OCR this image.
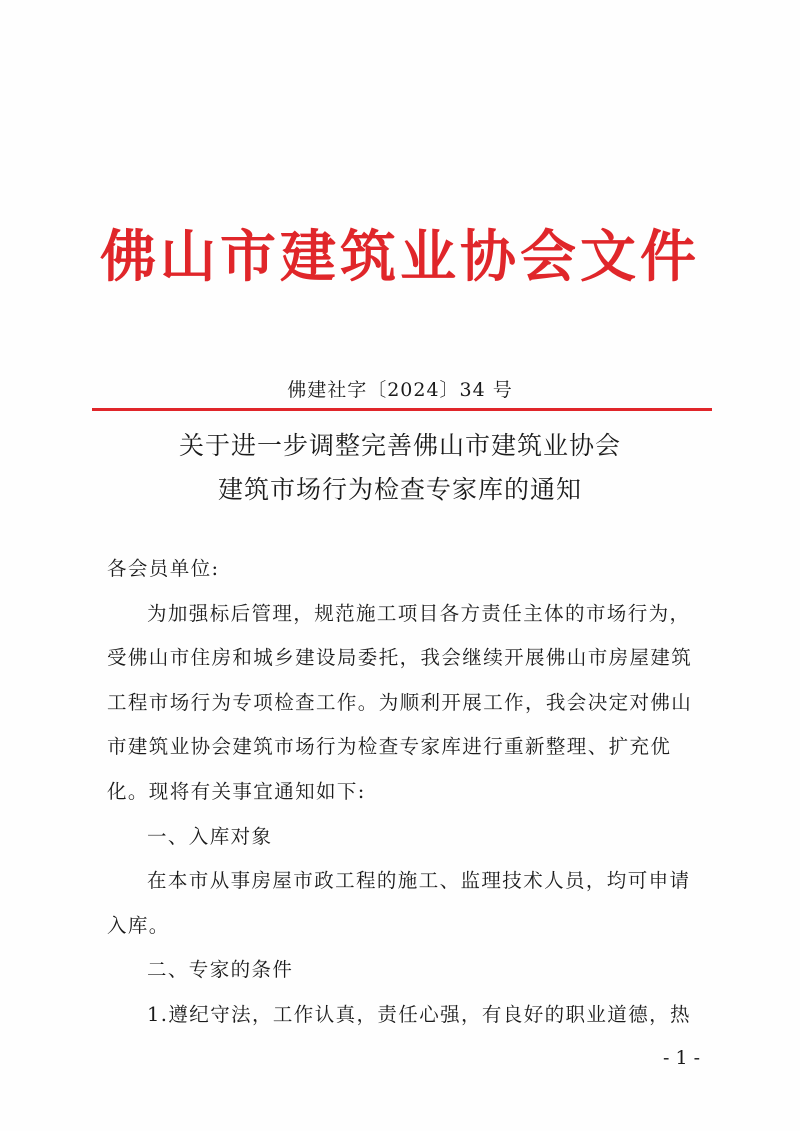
佛山市建筑业协会文件
佛建社字〔2024〕34 号
关于进一步调整完善佛山市建筑业协会
建筑市场行为检查专家库的通知

各会员单位:

为加强标后管理，规范施工项目各方责任主体的市场行为，受佛山市住房和城乡建设局委托，我会继续开展佛山市房屋建筑工程市场行为专项检查工作。为顺利开展工作，我会决定对佛山市建筑业协会建筑市场行为检查专家库进行重新整理、扩充优化。现将有关事宜通知如下:

一、入库对象

在本市从事房屋市政工程的施工、监理技术人员，均可申请入库。

二、专家的条件

1.遵纪守法，工作认真，责任心强，有良好的职业道德，热

- 1 -
